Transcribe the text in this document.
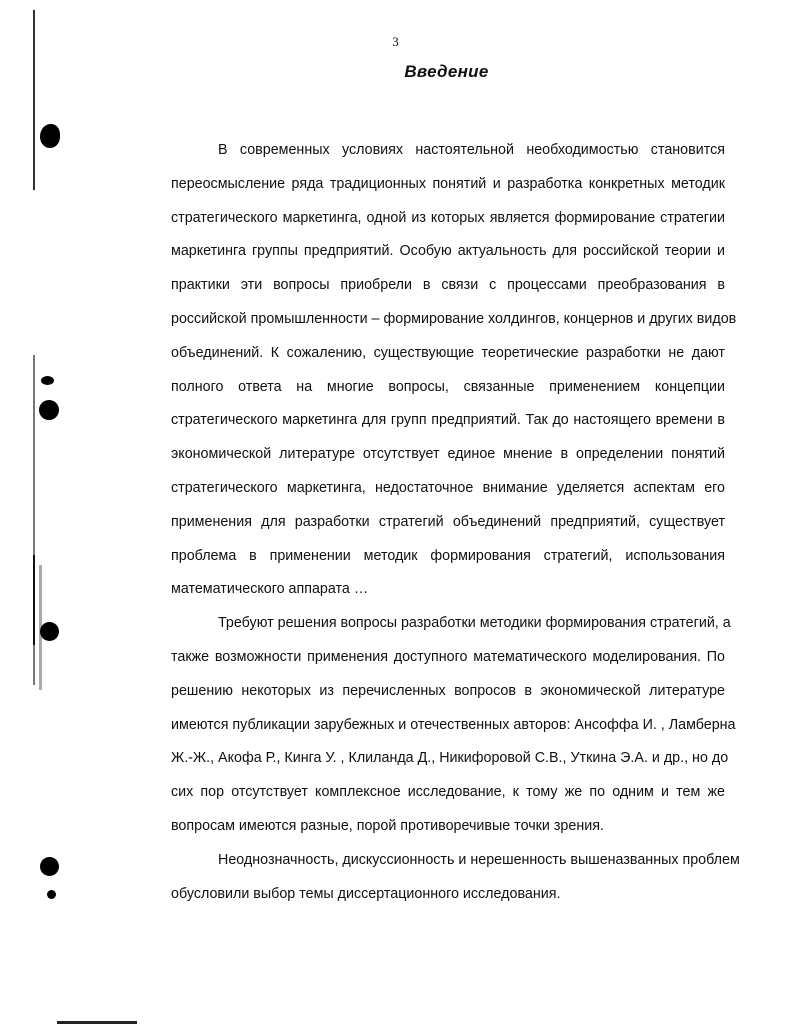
3
Введение
В современных условиях настоятельной необходимостью становится
переосмысление ряда традиционных понятий и разработка конкретных методик
стратегического маркетинга, одной из которых является формирование стратегии
маркетинга группы предприятий. Особую актуальность для российской теории и
практики эти вопросы приобрели в связи с процессами преобразования в
российской промышленности – формирование холдингов, концернов и других видов
объединений. К сожалению, существующие теоретические разработки не дают
полного ответа на многие вопросы, связанные применением концепции
стратегического маркетинга для групп предприятий. Так до настоящего времени в
экономической литературе отсутствует единое мнение в определении понятий
стратегического маркетинга, недостаточное внимание уделяется аспектам его
применения для разработки стратегий объединений предприятий, существует
проблема в применении методик формирования стратегий, использования
математического аппарата …
Требуют решения вопросы разработки методики формирования стратегий, а
также возможности применения доступного математического моделирования. По
решению некоторых из перечисленных вопросов в экономической литературе
имеются публикации зарубежных и отечественных авторов: Ансоффа И. , Ламберна
Ж.-Ж., Акофа Р., Кинга У. , Клиланда Д., Никифоровой С.В., Уткина Э.А. и др., но до
сих пор отсутствует комплексное исследование, к тому же по одним и тем же
вопросам имеются разные, порой противоречивые точки зрения.
Неоднозначность, дискуссионность и нерешенность вышеназванных проблем
обусловили выбор темы диссертационного исследования.
